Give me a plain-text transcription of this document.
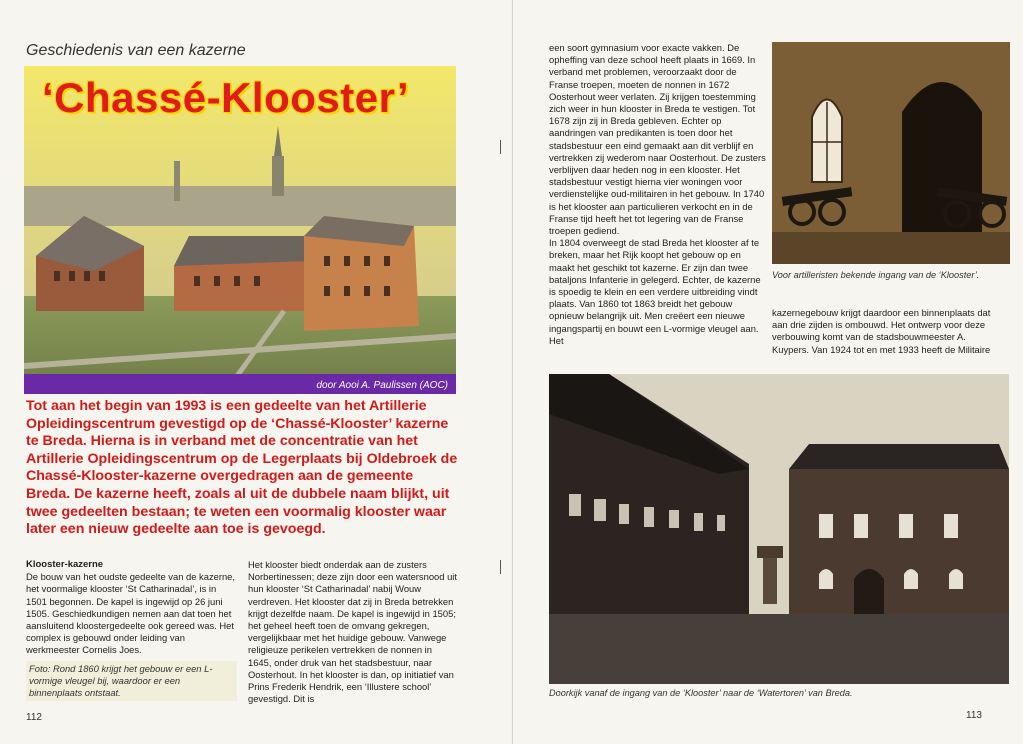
Geschiedenis van een kazerne
‘Chassé-Klooster’
door Aooi A. Paulissen (AOC)
Tot aan het begin van 1993 is een gedeelte van het Artillerie Opleidingscentrum gevestigd op de ‘Chassé-Klooster’ kazerne te Breda. Hierna is in verband met de concentratie van het Artillerie Opleidingscentrum op de Legerplaats bij Oldebroek de Chassé-Klooster-kazerne overgedragen aan de gemeente Breda. De kazerne heeft, zoals al uit de dubbele naam blijkt, uit twee gedeelten bestaan; te weten een voormalig klooster waar later een nieuw gedeelte aan toe is gevoegd.
Klooster-kazerne
De bouw van het oudste gedeelte van de kazerne, het voormalige klooster ‘St Catharinadal’, is in 1501 begonnen. De kapel is ingewijd op 26 juni 1505. Geschiedkundigen nemen aan dat toen het aansluitend kloostergedeelte ook gereed was. Het complex is gebouwd onder leiding van werkmeester Cornelis Joes.
Foto: Rond 1860 krijgt het gebouw er een L-vormige vleugel bij, waardoor er een binnenplaats ontstaat.
Het klooster biedt onderdak aan de zusters Norbertinessen; deze zijn door een watersnood uit hun klooster ‘St Catharinadal’ nabij Wouw verdreven. Het klooster dat zij in Breda betrekken krijgt dezelfde naam. De kapel is ingewijd in 1505; het geheel heeft toen de omvang gekregen, vergelijkbaar met het huidige gebouw. Vanwege religieuze perikelen vertrekken de nonnen in 1645, onder druk van het stadsbestuur, naar Oosterhout. In het klooster is dan, op initiatief van Prins Frederik Hendrik, een ‘Illustere school’ gevestigd. Dit is
112
een soort gymnasium voor exacte vakken. De opheffing van deze school heeft plaats in 1669. In verband met problemen, veroorzaakt door de Franse troepen, moeten de nonnen in 1672 Oosterhout weer verlaten. Zij krijgen toestemming zich weer in hun klooster in Breda te vestigen. Tot 1678 zijn zij in Breda gebleven. Echter op aandringen van predikanten is toen door het stadsbestuur een eind gemaakt aan dit verblijf en vertrekken zij wederom naar Oosterhout. De zusters verblijven daar heden nog in een klooster. Het stadsbestuur vestigt hierna vier woningen voor verdienstelijke oud-militairen in het gebouw. In 1740 is het klooster aan particulieren verkocht en in de Franse tijd heeft het tot legering van de Franse troepen gediend.
In 1804 overweegt de stad Breda het klooster af te breken, maar het Rijk koopt het gebouw op en maakt het geschikt tot kazerne. Er zijn dan twee bataljons Infanterie in gelegerd. Echter, de kazerne is spoedig te klein en een verdere uitbreiding vindt plaats. Van 1860 tot 1863 breidt het gebouw opnieuw belangrijk uit. Men creëert een nieuwe ingangspartij en bouwt een L-vormige vleugel aan. Het
Voor artilleristen bekende ingang van de ‘Klooster’.
kazernegebouw krijgt daardoor een binnenplaats dat aan drie zijden is ombouwd. Het ontwerp voor deze verbouwing komt van de stadsbouwmeester A. Kuypers. Van 1924 tot en met 1933 heeft de Militaire
Doorkijk vanaf de ingang van de ‘Klooster’ naar de ‘Watertoren’ van Breda.
113
